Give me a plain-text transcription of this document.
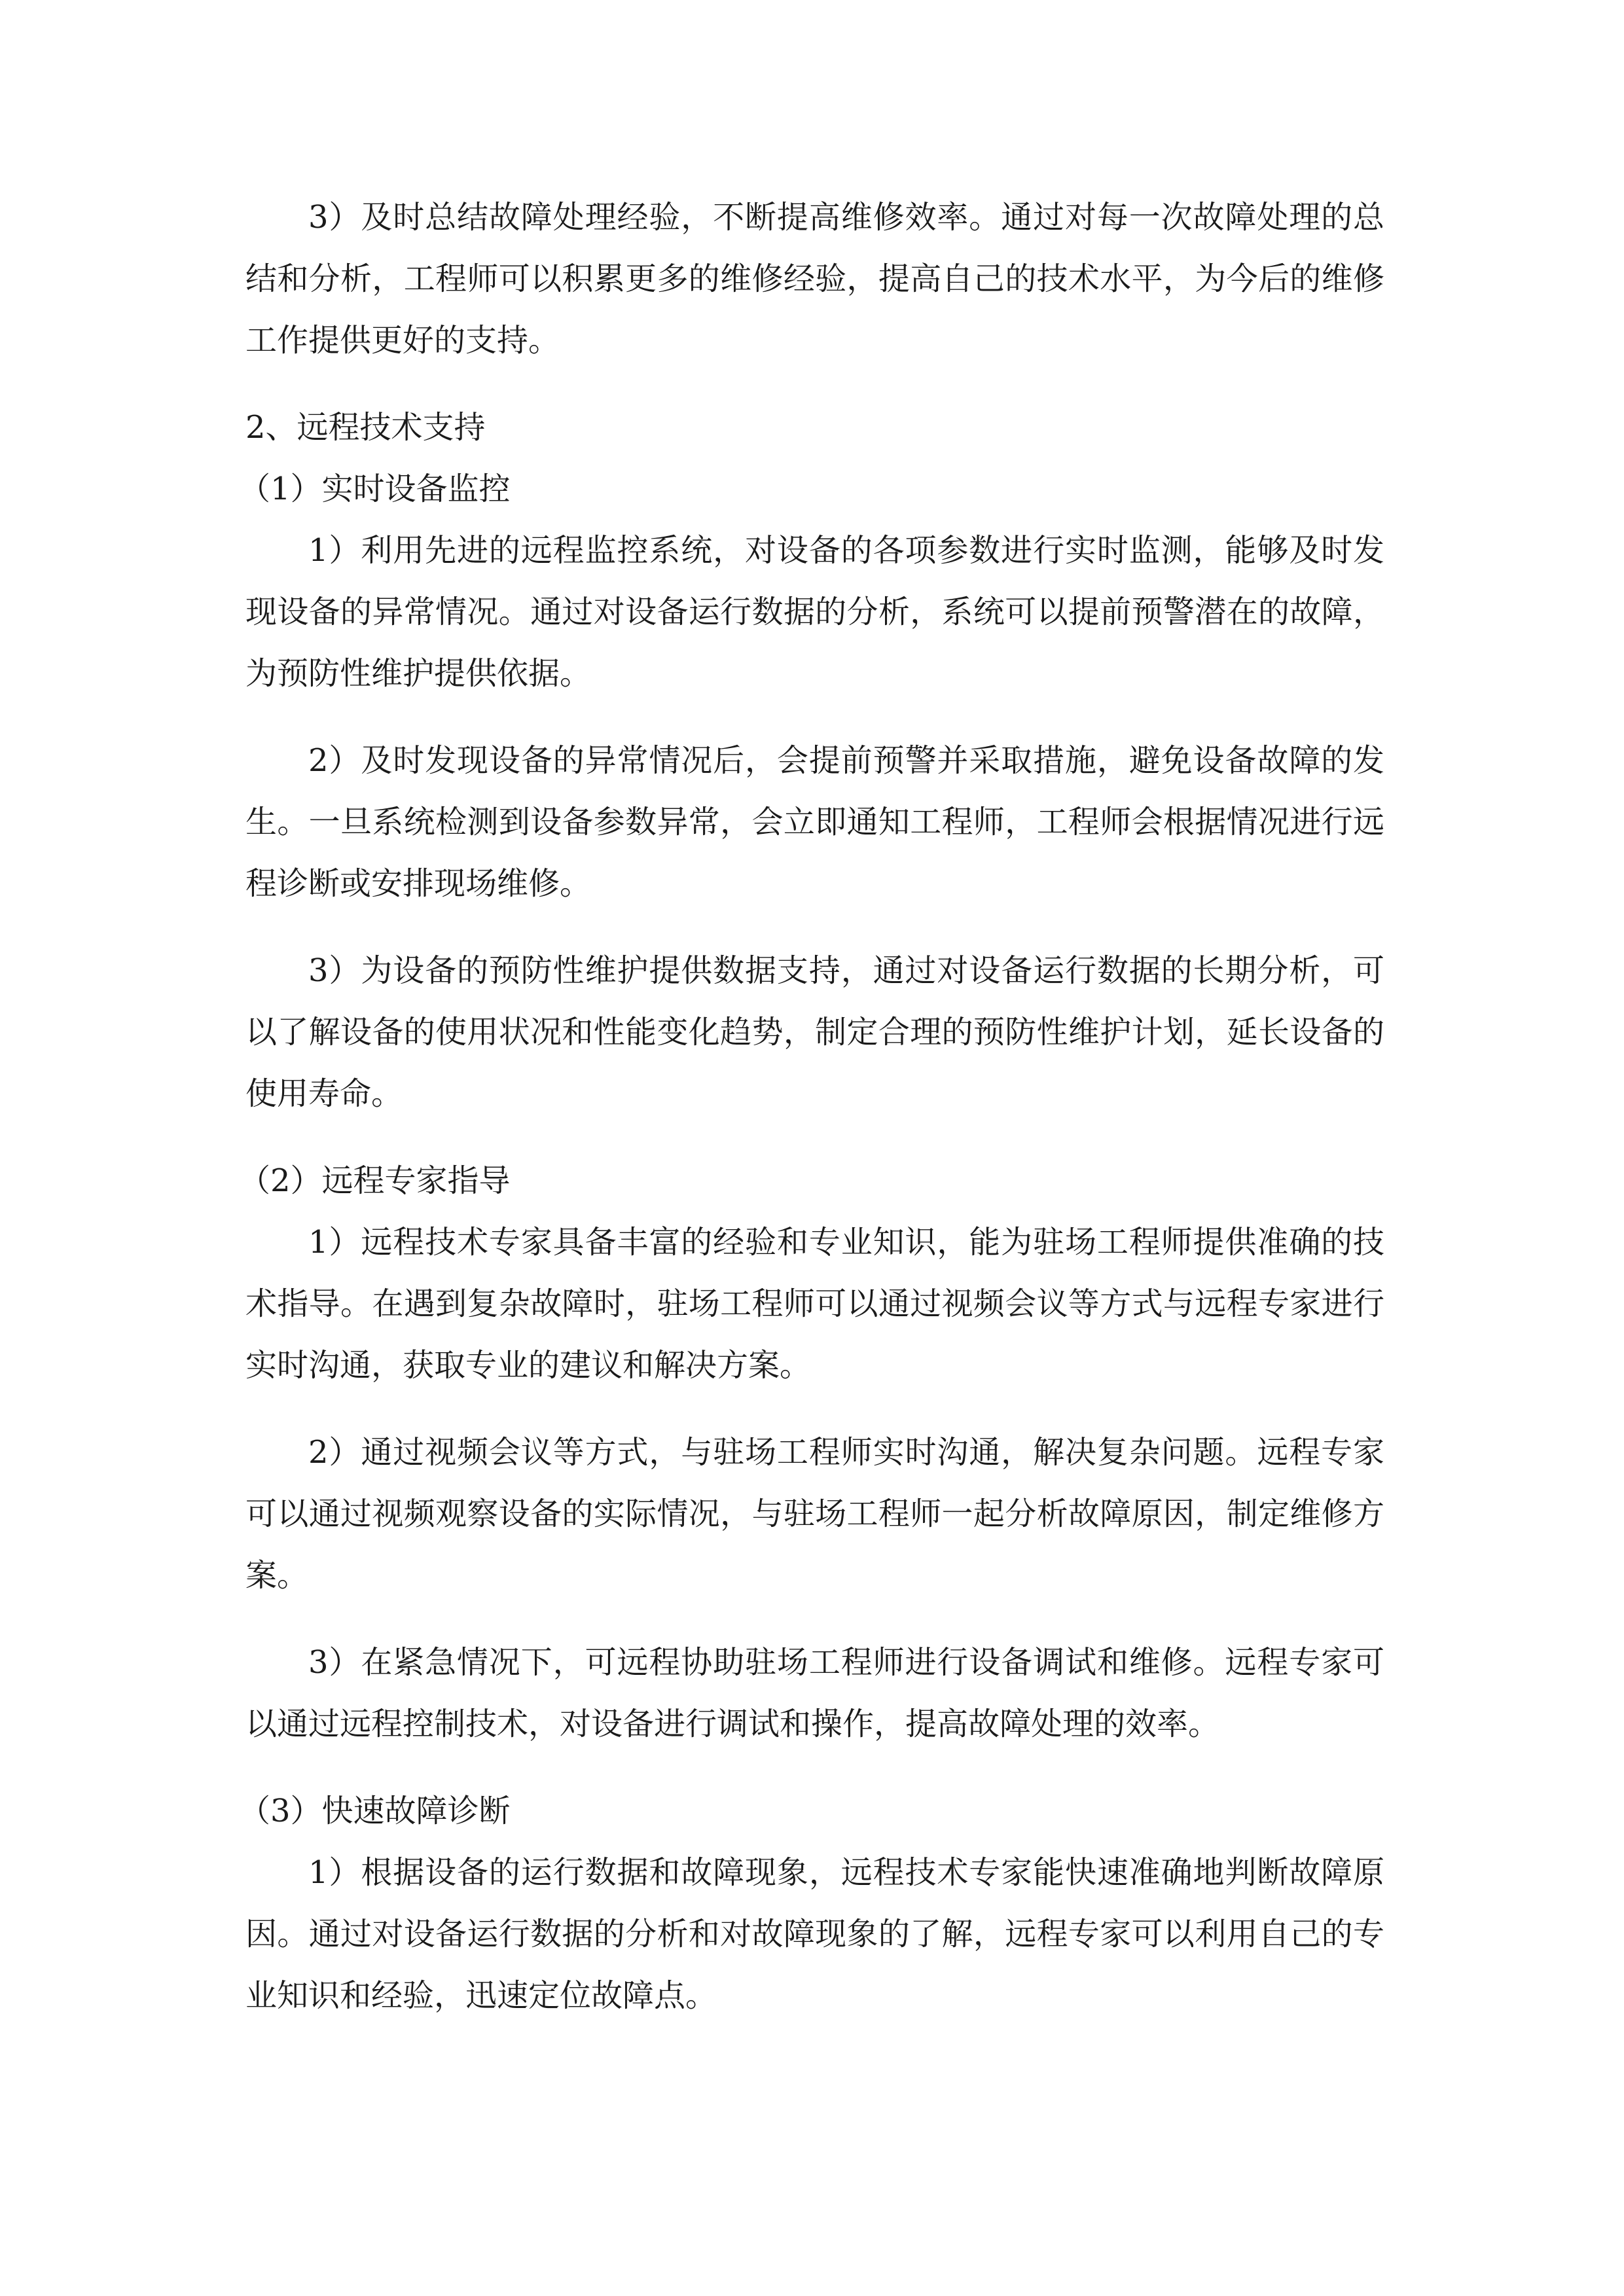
3）及时总结故障处理经验，不断提高维修效率。通过对每一次故障处理的总结和分析，工程师可以积累更多的维修经验，提高自己的技术水平，为今后的维修工作提供更好的支持。

2、远程技术支持

（1）实时设备监控

1）利用先进的远程监控系统，对设备的各项参数进行实时监测，能够及时发现设备的异常情况。通过对设备运行数据的分析，系统可以提前预警潜在的故障，为预防性维护提供依据。

2）及时发现设备的异常情况后，会提前预警并采取措施，避免设备故障的发生。一旦系统检测到设备参数异常，会立即通知工程师，工程师会根据情况进行远程诊断或安排现场维修。

3）为设备的预防性维护提供数据支持，通过对设备运行数据的长期分析，可以了解设备的使用状况和性能变化趋势，制定合理的预防性维护计划，延长设备的使用寿命。

（2）远程专家指导

1）远程技术专家具备丰富的经验和专业知识，能为驻场工程师提供准确的技术指导。在遇到复杂故障时，驻场工程师可以通过视频会议等方式与远程专家进行实时沟通，获取专业的建议和解决方案。

2）通过视频会议等方式，与驻场工程师实时沟通，解决复杂问题。远程专家可以通过视频观察设备的实际情况，与驻场工程师一起分析故障原因，制定维修方案。

3）在紧急情况下，可远程协助驻场工程师进行设备调试和维修。远程专家可以通过远程控制技术，对设备进行调试和操作，提高故障处理的效率。

（3）快速故障诊断

1）根据设备的运行数据和故障现象，远程技术专家能快速准确地判断故障原因。通过对设备运行数据的分析和对故障现象的了解，远程专家可以利用自己的专业知识和经验，迅速定位故障点。
